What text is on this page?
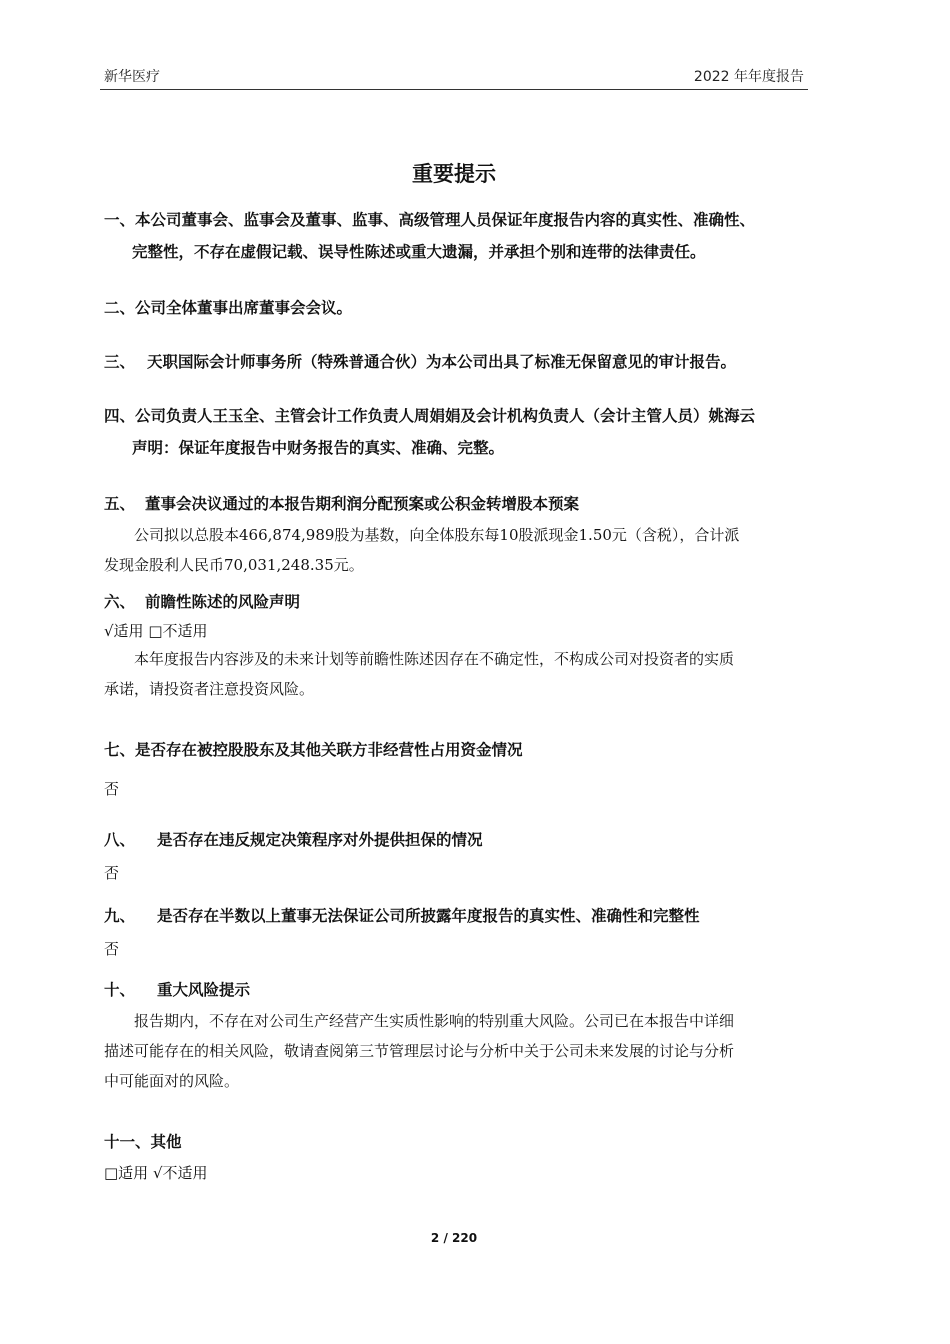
新华医疗	2022 年年度报告
重要提示
一、本公司董事会、监事会及董事、监事、高级管理人员保证年度报告内容的真实性、准确性、
完整性，不存在虚假记载、误导性陈述或重大遗漏，并承担个别和连带的法律责任。
二、公司全体董事出席董事会会议。
三、 天职国际会计师事务所（特殊普通合伙）为本公司出具了标准无保留意见的审计报告。
四、公司负责人王玉全、主管会计工作负责人周娟娟及会计机构负责人（会计主管人员）姚海云
声明：保证年度报告中财务报告的真实、准确、完整。
五、 董事会决议通过的本报告期利润分配预案或公积金转增股本预案
公司拟以总股本466,874,989股为基数，向全体股东每10股派现金1.50元（含税），合计派
发现金股利人民币70,031,248.35元。
六、 前瞻性陈述的风险声明
√适用 □不适用
本年度报告内容涉及的未来计划等前瞻性陈述因存在不确定性，不构成公司对投资者的实质
承诺，请投资者注意投资风险。
七、是否存在被控股股东及其他关联方非经营性占用资金情况
否
八、 是否存在违反规定决策程序对外提供担保的情况
否
九、 是否存在半数以上董事无法保证公司所披露年度报告的真实性、准确性和完整性
否
十、 重大风险提示
报告期内，不存在对公司生产经营产生实质性影响的特别重大风险。公司已在本报告中详细
描述可能存在的相关风险，敬请查阅第三节管理层讨论与分析中关于公司未来发展的讨论与分析
中可能面对的风险。
十一、其他
□适用 √不适用
2 / 220
